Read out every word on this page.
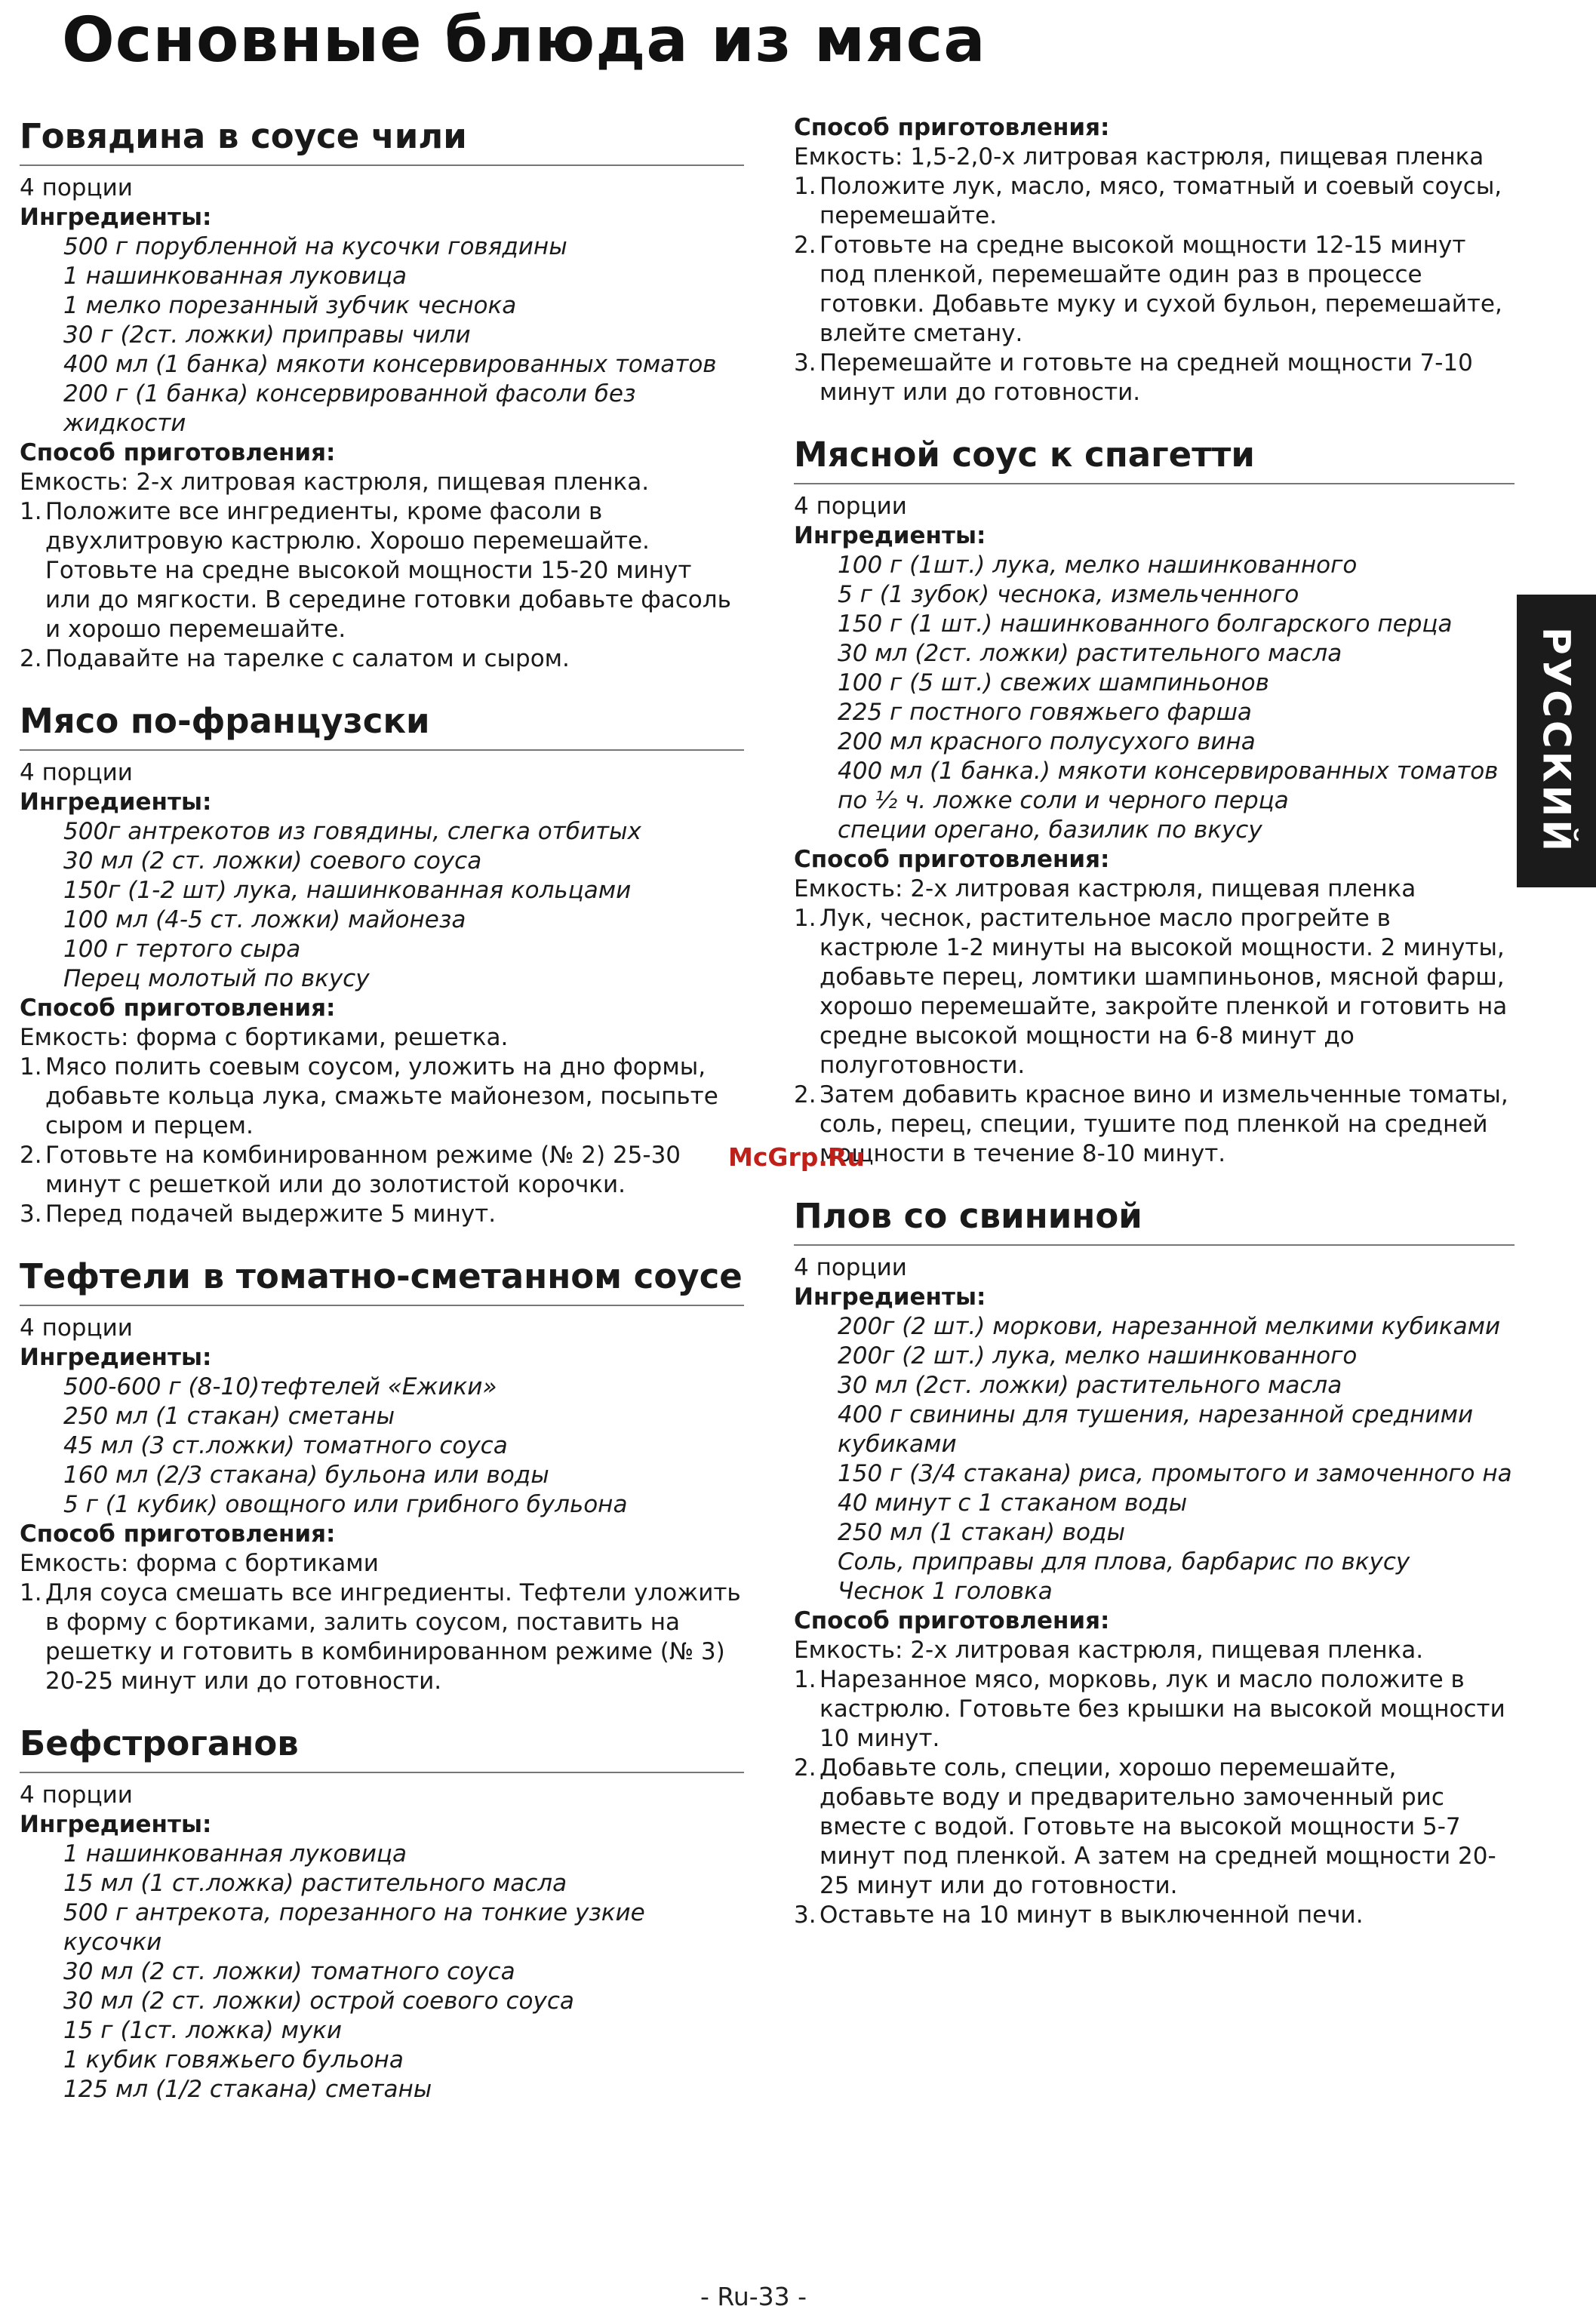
Основные блюда из мяса
Говядина в соусе чили
4 порции
Ингредиенты:
500 г порубленной на кусочки говядины
1 нашинкованная луковица
1 мелко порезанный зубчик чеснока
30 г (2ст. ложки) приправы чили
400 мл (1 банка) мякоти консервированных томатов
200 г (1 банка) консервированной фасоли без жидкости
Способ приготовления:
Емкость: 2-х литровая кастрюля, пищевая пленка.
1. Положите все ингредиенты, кроме фасоли в двухлитровую кастрюлю. Хорошо перемешайте. Готовьте на средне высокой мощности 15-20 минут или до мягкости. В середине готовки добавьте фасоль и хорошо перемешайте.
2. Подавайте на тарелке с салатом и сыром.
Мясо по-французски
4 порции
Ингредиенты:
500г антрекотов из говядины, слегка отбитых
30 мл (2 ст. ложки) соевого соуса
150г (1-2 шт) лука, нашинкованная кольцами
100 мл (4-5 ст. ложки) майонеза
100 г тертого сыра
Перец молотый по вкусу
Способ приготовления:
Емкость: форма с бортиками, решетка.
1. Мясо полить соевым соусом, уложить на дно формы, добавьте кольца лука, смажьте майонезом, посыпьте сыром и перцем.
2. Готовьте на комбинированном режиме (№ 2) 25-30 минут с решеткой или до золотистой корочки.
3. Перед подачей выдержите 5 минут.
Тефтели в томатно-сметанном соусе
4 порции
Ингредиенты:
500-600 г (8-10)тефтелей «Ежики»
250 мл (1 стакан) сметаны
45 мл (3 ст.ложки) томатного соуса
160 мл (2/3 стакана) бульона или воды
5 г (1 кубик) овощного или грибного бульона
Способ приготовления:
Емкость: форма с бортиками
1. Для соуса смешать все ингредиенты. Тефтели уложить в форму с бортиками, залить соусом, поставить на решетку и готовить в комбинированном режиме (№ 3) 20-25 минут или до готовности.
Бефстроганов
4 порции
Ингредиенты:
1 нашинкованная луковица
15 мл (1 ст.ложка) растительного масла
500 г антрекота, порезанного на тонкие узкие кусочки
30 мл (2 ст. ложки) томатного соуса
30 мл (2 ст. ложки) острой соевого соуса
15 г (1ст. ложка) муки
1 кубик говяжьего бульона
125 мл (1/2 стакана) сметаны
Способ приготовления:
Емкость: 1,5-2,0-х литровая кастрюля, пищевая пленка
1. Положите лук, масло, мясо, томатный и соевый соусы, перемешайте.
2. Готовьте на средне высокой мощности 12-15 минут под пленкой, перемешайте один раз в процессе готовки. Добавьте муку и сухой бульон, перемешайте, влейте сметану.
3. Перемешайте и готовьте на средней мощности 7-10 минут или до готовности.
Мясной соус к спагетти
4 порции
Ингредиенты:
100 г (1шт.) лука, мелко нашинкованного
5 г (1 зубок) чеснока, измельченного
150 г (1 шт.) нашинкованного болгарского перца
30 мл (2ст. ложки) растительного масла
100 г (5 шт.) свежих шампиньонов
225 г постного говяжьего фарша
200 мл красного полусухого вина
400 мл (1 банка.) мякоти консервированных томатов
по ½ ч. ложке соли и черного перца
специи орегано, базилик по вкусу
Способ приготовления:
Емкость: 2-х литровая кастрюля, пищевая пленка
1. Лук, чеснок, растительное масло прогрейте в кастрюле 1-2 минуты на высокой мощности. 2 минуты, добавьте перец, ломтики шампиньонов, мясной фарш, хорошо перемешайте, закройте пленкой и готовить на средне высокой мощности на 6-8 минут до полуготовности.
2. Затем добавить красное вино и измельченные томаты, соль, перец, специи, тушите под пленкой на средней мощности в течение 8-10 минут.
Плов со свининой
4 порции
Ингредиенты:
200г (2 шт.) моркови, нарезанной мелкими кубиками
200г (2 шт.) лука, мелко нашинкованного
30 мл (2ст. ложки) растительного масла
400 г свинины для тушения, нарезанной средними кубиками
150 г (3/4 стакана) риса, промытого и замоченного на 40 минут с 1 стаканом воды
250 мл (1 стакан) воды
Соль, приправы для плова, барбарис по вкусу
Чеснок 1 головка
Способ приготовления:
Емкость: 2-х литровая кастрюля, пищевая пленка.
1. Нарезанное мясо, морковь, лук и масло положите в кастрюлю. Готовьте без крышки на высокой мощности 10 минут.
2. Добавьте соль, специи, хорошо перемешайте, добавьте воду и предварительно замоченный рис вместе с водой. Готовьте на высокой мощности 5-7 минут под пленкой. А затем на средней мощности 20-25 минут или до готовности.
3. Оставьте на 10 минут в выключенной печи.
РУССКИЙ
McGrp.Ru
- Ru-33 -
